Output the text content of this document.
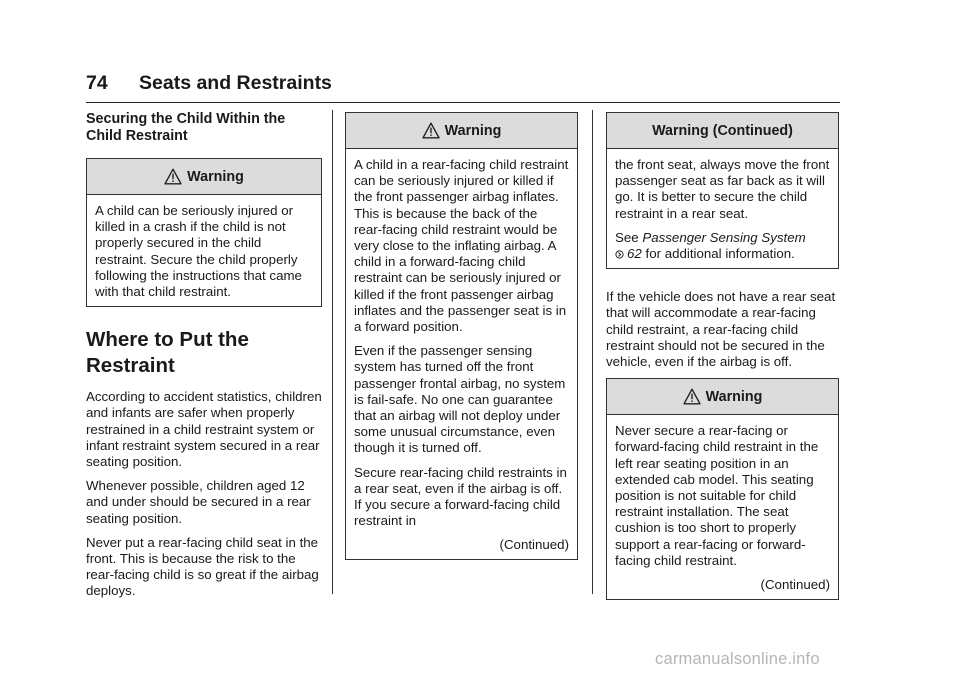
74 Seats and Restraints
Securing the Child Within the Child Restraint
Warning

A child can be seriously injured or killed in a crash if the child is not properly secured in the child restraint. Secure the child properly following the instructions that came with that child restraint.

Where to Put the Restraint

According to accident statistics, children and infants are safer when properly restrained in a child restraint system or infant restraint system secured in a rear seating position.

Whenever possible, children aged 12 and under should be secured in a rear seating position.

Never put a rear-facing child seat in the front. This is because the risk to the rear-facing child is so great if the airbag deploys.

Warning

A child in a rear-facing child restraint can be seriously injured or killed if the front passenger airbag inflates. This is because the back of the rear-facing child restraint would be very close to the inflating airbag. A child in a forward-facing child restraint can be seriously injured or killed if the front passenger airbag inflates and the passenger seat is in a forward position.

Even if the passenger sensing system has turned off the front passenger frontal airbag, no system is fail-safe. No one can guarantee that an airbag will not deploy under some unusual circumstance, even though it is turned off.

Secure rear-facing child restraints in a rear seat, even if the airbag is off. If you secure a forward-facing child restraint in

(Continued)
Warning (Continued)

the front seat, always move the front passenger seat as far back as it will go. It is better to secure the child restraint in a rear seat.

See Passenger Sensing System
62 for additional information.

If the vehicle does not have a rear seat that will accommodate a rear-facing child restraint, a rear-facing child restraint should not be secured in the vehicle, even if the airbag is off.

Warning

Never secure a rear-facing or forward-facing child restraint in the left rear seating position in an extended cab model. This seating position is not suitable for child restraint installation. The seat cushion is too short to properly support a rear-facing or forward-facing child restraint.

(Continued)
carmanualsonline.info
